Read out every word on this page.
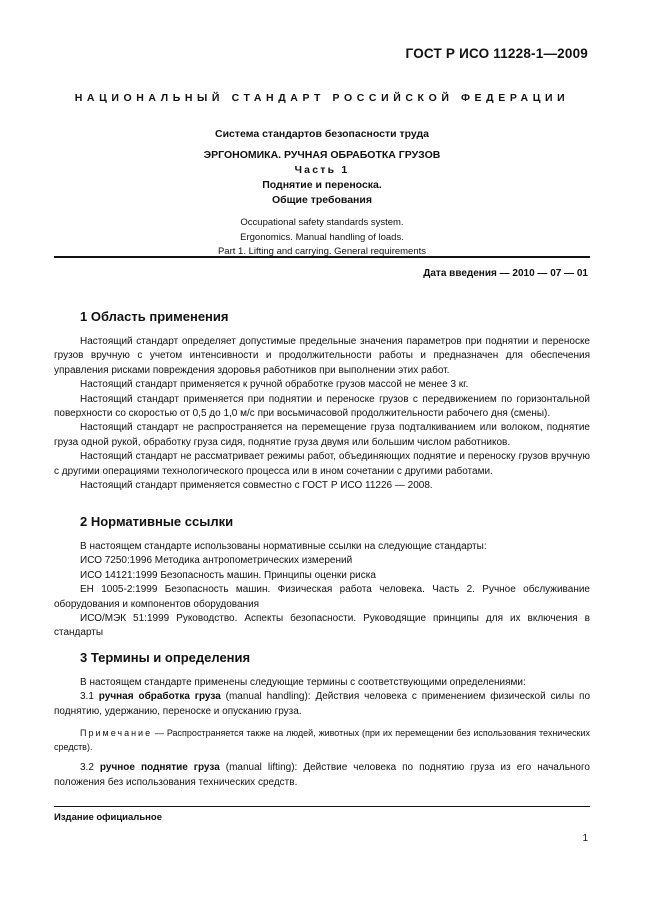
ГОСТ Р ИСО 11228-1—2009
НАЦИОНАЛЬНЫЙ СТАНДАРТ РОССИЙСКОЙ ФЕДЕРАЦИИ
Система стандартов безопасности труда
ЭРГОНОМИКА. РУЧНАЯ ОБРАБОТКА ГРУЗОВ
Часть 1
Поднятие и переноска.
Общие требования
Occupational safety standards system.
Ergonomics. Manual handling of loads.
Part 1. Lifting and carrying. General requirements
Дата введения — 2010 — 07 — 01
1 Область применения

Настоящий стандарт определяет допустимые предельные значения параметров при поднятии и переноске грузов вручную с учетом интенсивности и продолжительности работы и предназначен для обеспечения управления рисками повреждения здоровья работников при выполнении этих работ.

Настоящий стандарт применяется к ручной обработке грузов массой не менее 3 кг.

Настоящий стандарт применяется при поднятии и переноске грузов с передвижением по горизонтальной поверхности со скоростью от 0,5 до 1,0 м/с при восьмичасовой продолжительности рабочего дня (смены).

Настоящий стандарт не распространяется на перемещение груза подталкиванием или волоком, поднятие груза одной рукой, обработку груза сидя, поднятие груза двумя или большим числом работников.

Настоящий стандарт не рассматривает режимы работ, объединяющих поднятие и переноску грузов вручную с другими операциями технологического процесса или в ином сочетании с другими работами.

Настоящий стандарт применяется совместно с ГОСТ Р ИСО 11226 — 2008.

2 Нормативные ссылки

В настоящем стандарте использованы нормативные ссылки на следующие стандарты:

ИСО 7250:1996 Методика антропометрических измерений

ИСО 14121:1999 Безопасность машин. Принципы оценки риска

ЕН 1005-2:1999 Безопасность машин. Физическая работа человека. Часть 2. Ручное обслуживание оборудования и компонентов оборудования

ИСО/МЭК 51:1999 Руководство. Аспекты безопасности. Руководящие принципы для их включения в стандарты

3 Термины и определения

В настоящем стандарте применены следующие термины с соответствующими определениями:

3.1 ручная обработка груза (manual handling): Действия человека с применением физической силы по поднятию, удержанию, переноске и опусканию груза.

Примечание — Распространяется также на людей, животных (при их перемещении без использования технических средств).

3.2 ручное поднятие груза (manual lifting): Действие человека по поднятию груза из его начального положения без использования технических средств.

Издание официальное
1
